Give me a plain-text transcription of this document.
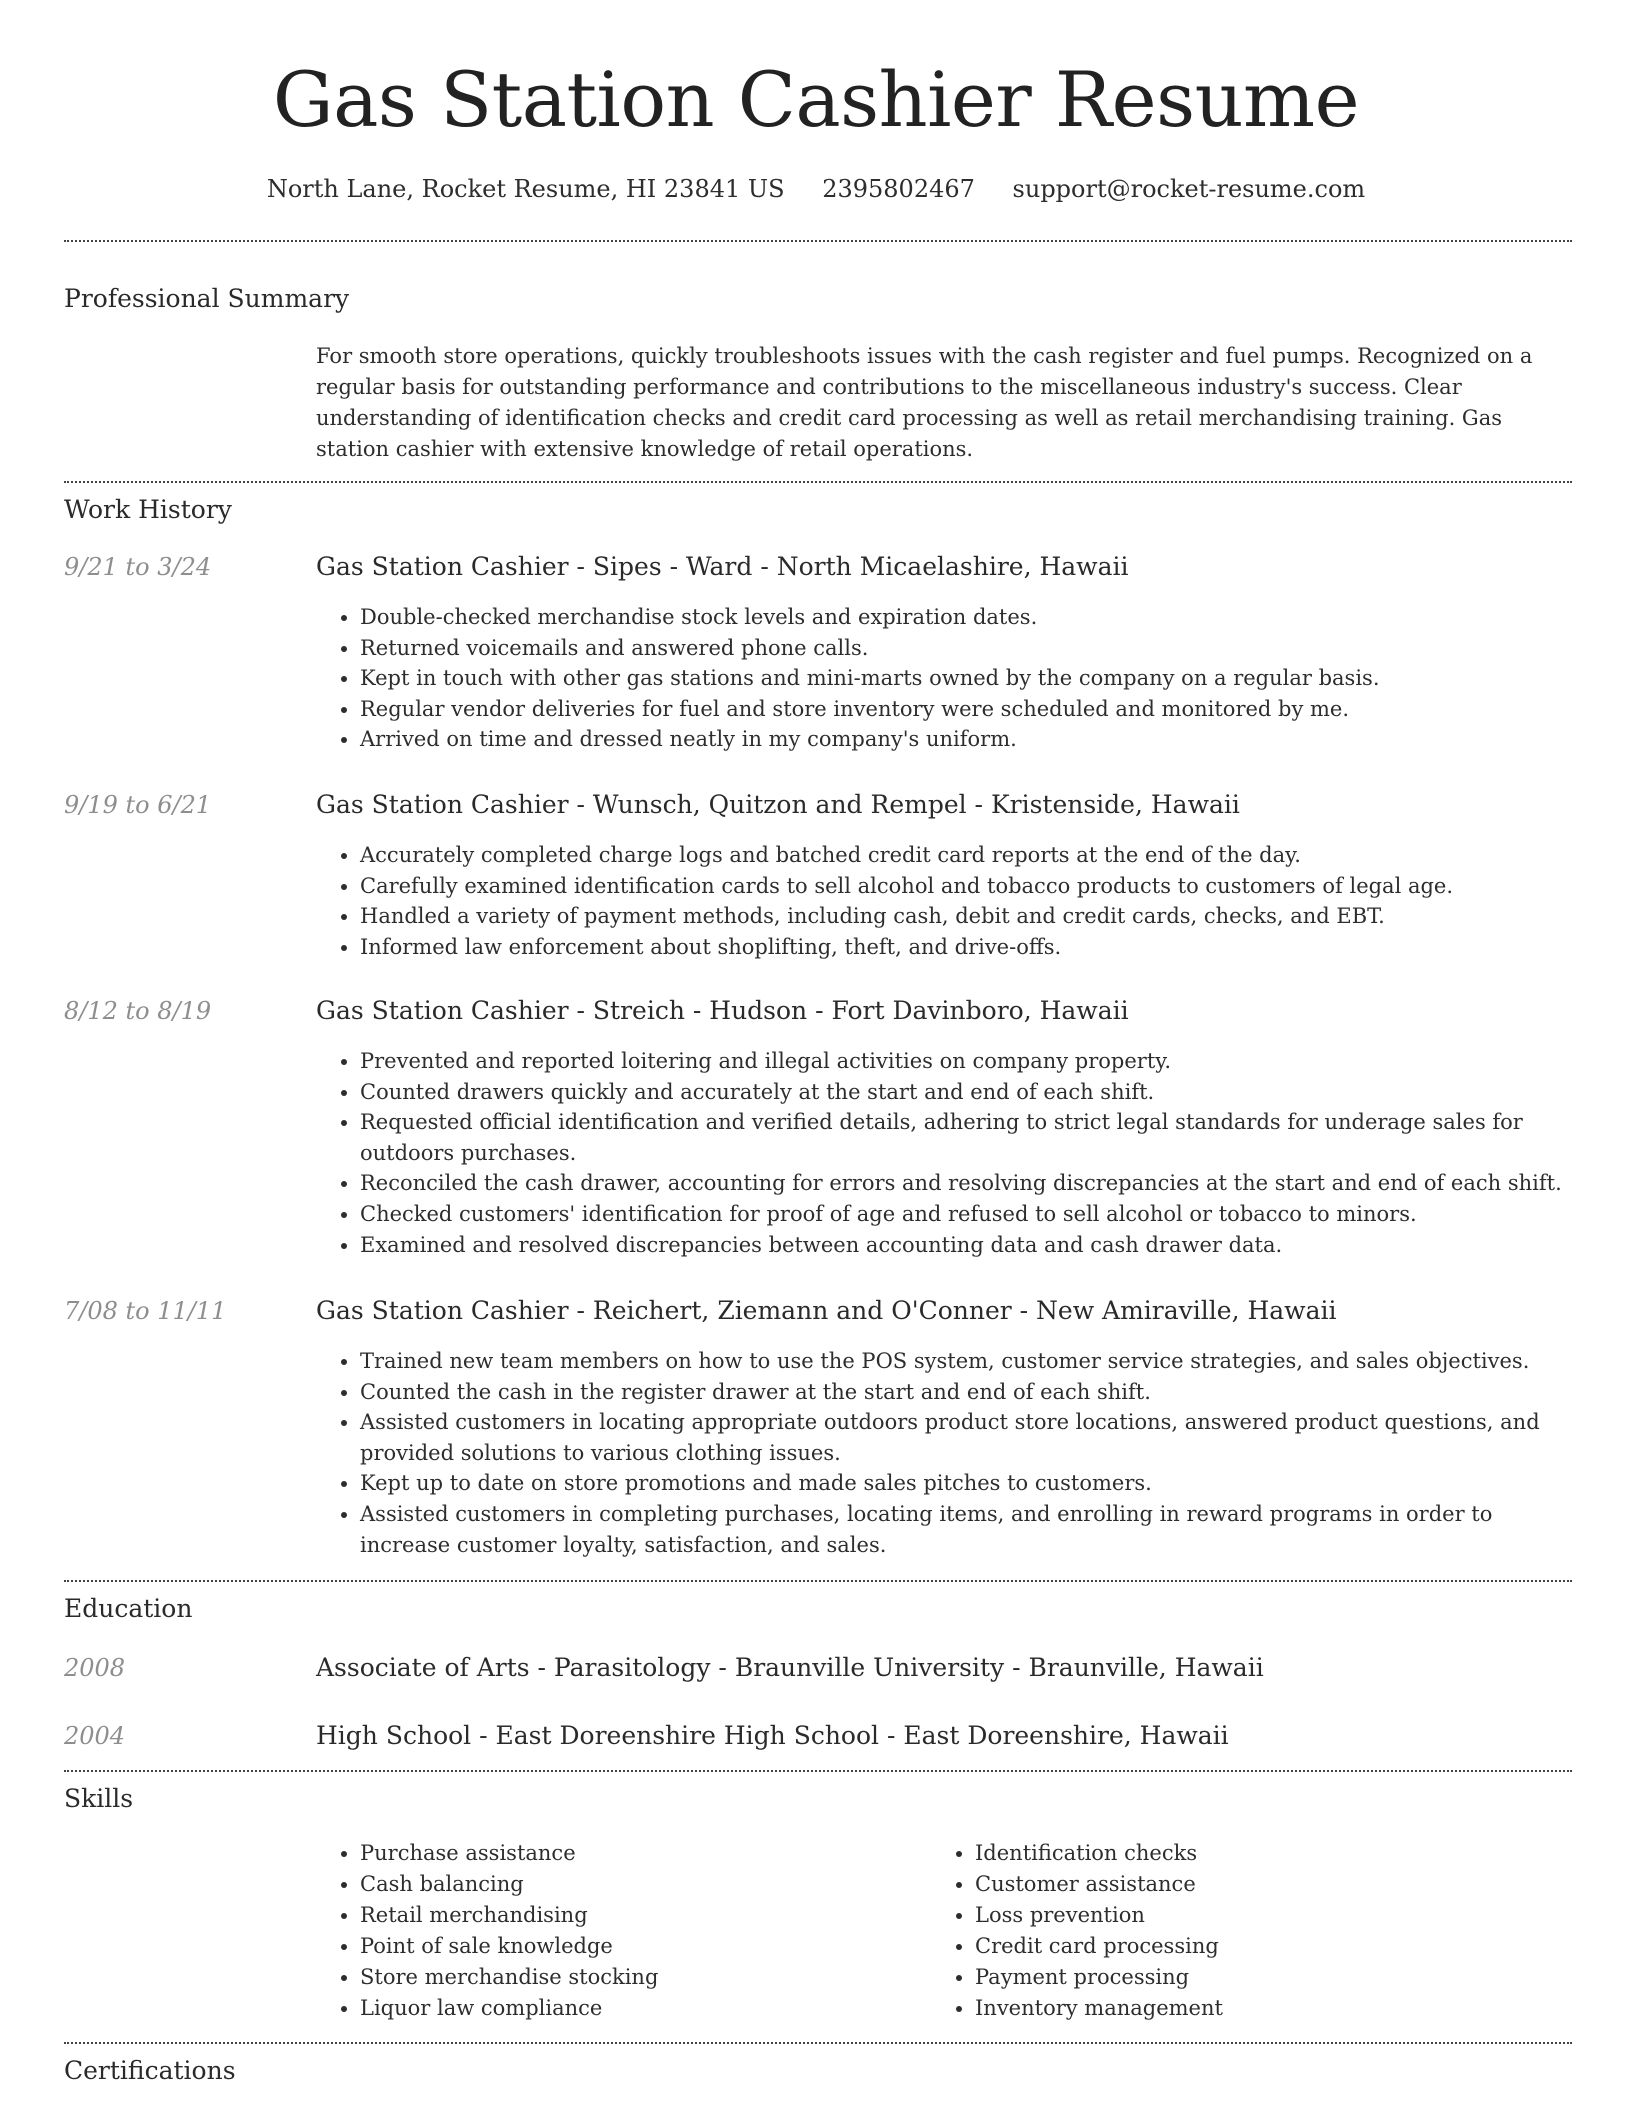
Gas Station Cashier Resume
North Lane, Rocket Resume, HI 23841 US 2395802467 support@rocket-resume.com
Professional Summary

For smooth store operations, quickly troubleshoots issues with the cash register and fuel pumps. Recognized on a regular basis for outstanding performance and contributions to the miscellaneous industry's success. Clear understanding of identification checks and credit card processing as well as retail merchandising training. Gas station cashier with extensive knowledge of retail operations.

Work History
9/21 to 3/24	Gas Station Cashier - Sipes - Ward - North Micaelashire, Hawaii
• Double-checked merchandise stock levels and expiration dates.
• Returned voicemails and answered phone calls.
• Kept in touch with other gas stations and mini-marts owned by the company on a regular basis.
• Regular vendor deliveries for fuel and store inventory were scheduled and monitored by me.
• Arrived on time and dressed neatly in my company's uniform.
9/19 to 6/21	Gas Station Cashier - Wunsch, Quitzon and Rempel - Kristenside, Hawaii
• Accurately completed charge logs and batched credit card reports at the end of the day.
• Carefully examined identification cards to sell alcohol and tobacco products to customers of legal age.
• Handled a variety of payment methods, including cash, debit and credit cards, checks, and EBT.
• Informed law enforcement about shoplifting, theft, and drive-offs.
8/12 to 8/19	Gas Station Cashier - Streich - Hudson - Fort Davinboro, Hawaii
• Prevented and reported loitering and illegal activities on company property.
• Counted drawers quickly and accurately at the start and end of each shift.
• Requested official identification and verified details, adhering to strict legal standards for underage sales for outdoors purchases.
• Reconciled the cash drawer, accounting for errors and resolving discrepancies at the start and end of each shift.
• Checked customers' identification for proof of age and refused to sell alcohol or tobacco to minors.
• Examined and resolved discrepancies between accounting data and cash drawer data.
7/08 to 11/11	Gas Station Cashier - Reichert, Ziemann and O'Conner - New Amiraville, Hawaii
• Trained new team members on how to use the POS system, customer service strategies, and sales objectives.
• Counted the cash in the register drawer at the start and end of each shift.
• Assisted customers in locating appropriate outdoors product store locations, answered product questions, and provided solutions to various clothing issues.
• Kept up to date on store promotions and made sales pitches to customers.
• Assisted customers in completing purchases, locating items, and enrolling in reward programs in order to increase customer loyalty, satisfaction, and sales.
Education
2008	Associate of Arts - Parasitology - Braunville University - Braunville, Hawaii
2004	High School - East Doreenshire High School - East Doreenshire, Hawaii
Skills
• Purchase assistance
• Cash balancing
• Retail merchandising
• Point of sale knowledge
• Store merchandise stocking
• Liquor law compliance
• Identification checks
• Customer assistance
• Loss prevention
• Credit card processing
• Payment processing
• Inventory management
Certifications
